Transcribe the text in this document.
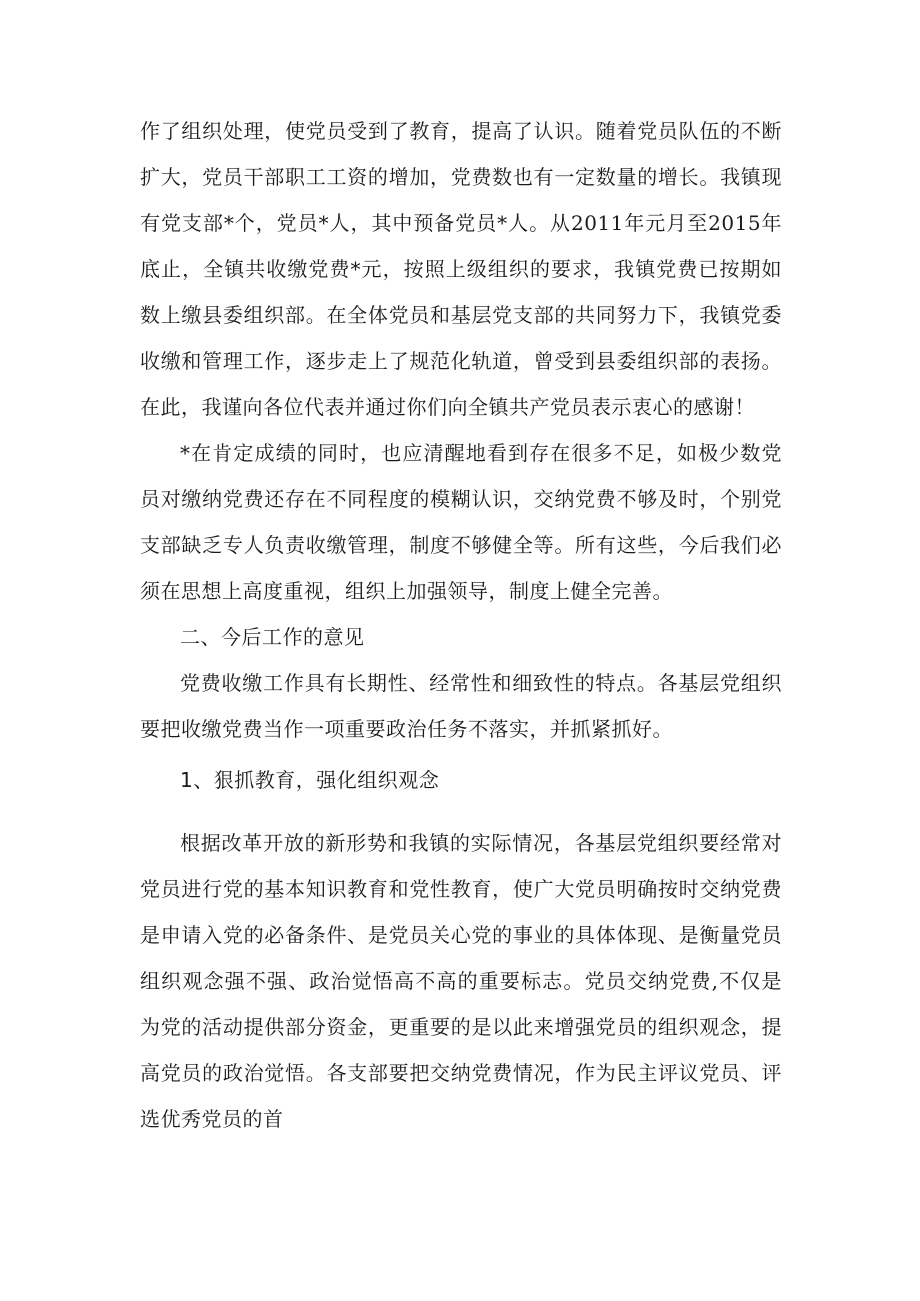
作了组织处理，使党员受到了教育，提高了认识。随着党员队伍的不断扩大，党员干部职工工资的增加，党费数也有一定数量的增长。我镇现有党支部*个，党员*人，其中预备党员*人。从2011年元月至2015年底止，全镇共收缴党费*元，按照上级组织的要求，我镇党费已按期如数上缴县委组织部。在全体党员和基层党支部的共同努力下，我镇党委收缴和管理工作，逐步走上了规范化轨道，曾受到县委组织部的表扬。在此，我谨向各位代表并通过你们向全镇共产党员表示衷心的感谢！

*在肯定成绩的同时，也应清醒地看到存在很多不足，如极少数党员对缴纳党费还存在不同程度的模糊认识，交纳党费不够及时，个别党支部缺乏专人负责收缴管理，制度不够健全等。所有这些，今后我们必须在思想上高度重视，组织上加强领导，制度上健全完善。

二、今后工作的意见

党费收缴工作具有长期性、经常性和细致性的特点。各基层党组织要把收缴党费当作一项重要政治任务不落实，并抓紧抓好。

1、狠抓教育，强化组织观念

根据改革开放的新形势和我镇的实际情况，各基层党组织要经常对党员进行党的基本知识教育和党性教育，使广大党员明确按时交纳党费是申请入党的必备条件、是党员关心党的事业的具体体现、是衡量党员组织观念强不强、政治觉悟高不高的重要标志。党员交纳党费,不仅是为党的活动提供部分资金，更重要的是以此来增强党员的组织观念，提高党员的政治觉悟。各支部要把交纳党费情况，作为民主评议党员、评选优秀党员的首
